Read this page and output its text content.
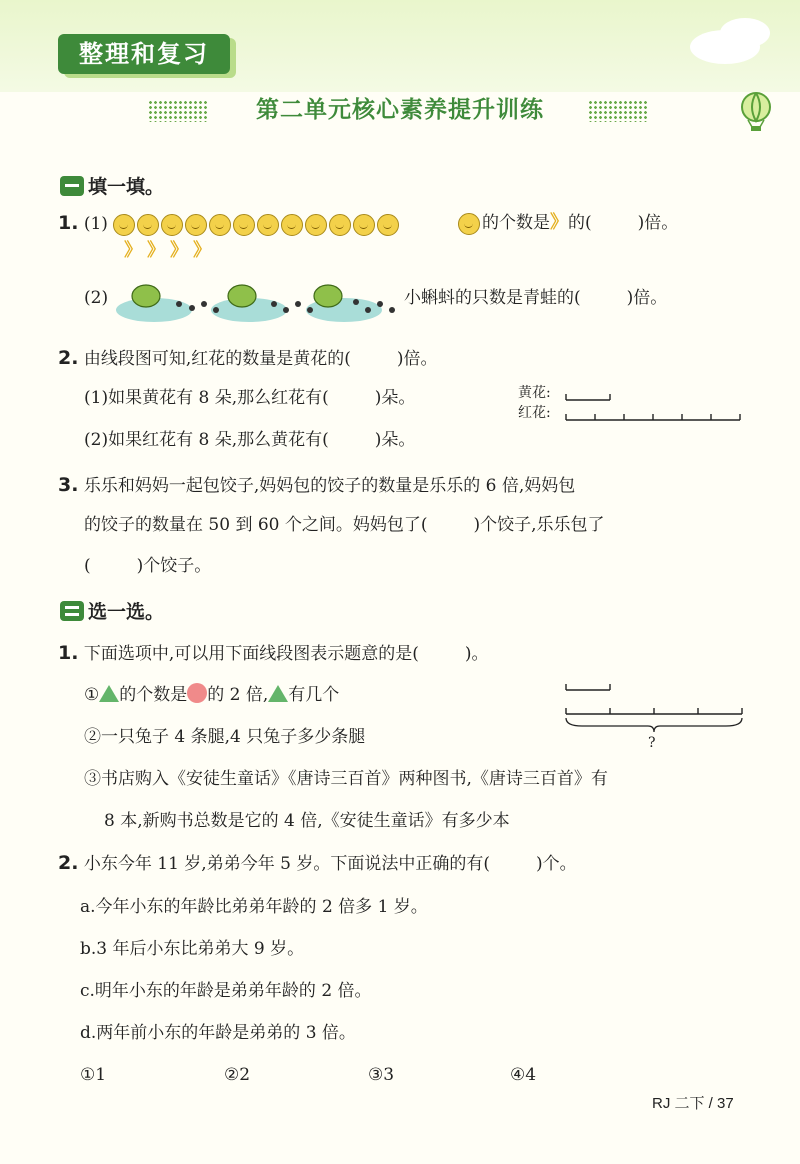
整理和复习
第二单元核心素养提升训练
填一填。
1. (1)	的个数是》的(	)倍。
》 》 》 》
(2)	小蝌蚪的只数是青蛙的(	)倍。
2. 由线段图可知,红花的数量是黄花的(	)倍。
(1)如果黄花有 8 朵,那么红花有(	)朵。
(2)如果红花有 8 朵,那么黄花有(	)朵。
黄花:
红花:
3. 乐乐和妈妈一起包饺子,妈妈包的饺子的数量是乐乐的 6 倍,妈妈包
的饺子的数量在 50 到 60 个之间。妈妈包了(	)个饺子,乐乐包了
(	)个饺子。
选一选。
1. 下面选项中,可以用下面线段图表示题意的是(	)。
① 的个数是 的 2 倍, 有几个
②一只兔子 4 条腿,4 只兔子多少条腿
③书店购入《安徒生童话》《唐诗三百首》两种图书,《唐诗三百首》有
8 本,新购书总数是它的 4 倍,《安徒生童话》有多少本
?
2. 小东今年 11 岁,弟弟今年 5 岁。下面说法中正确的有(	)个。
a.今年小东的年龄比弟弟年龄的 2 倍多 1 岁。
b.3 年后小东比弟弟大 9 岁。
c.明年小东的年龄是弟弟年龄的 2 倍。
d.两年前小东的年龄是弟弟的 3 倍。
①1	②2	③3	④4
RJ 二下 / 37
